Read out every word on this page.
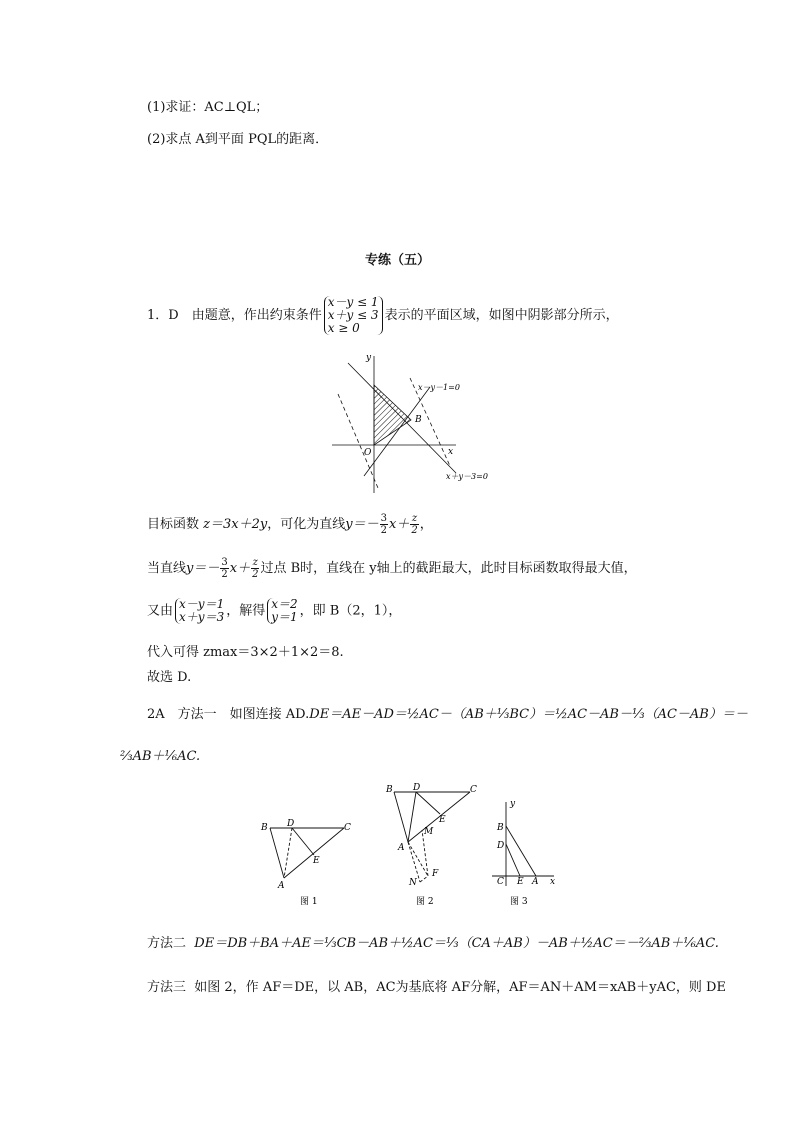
(1)求证：AC⊥QL；
(2)求点 A到平面 PQL的距离．
专练（五）
1．D　由题意，作出约束条件
x－y ≤ 1
x＋y ≤ 3
x ≥ 0
表示的平面区域，如图中阴影部分所示，
y
x
O
B
x－y－1=0
x＋y－3=0
目标函数 z＝3x＋2y，可化为直线$y=- \frac{3}{2} x+ \frac{z}{2}$ ，
当直线$y=- \frac{3}{2} x+ \frac{z}{2}$ 过点 B时，直线在 y轴上的截距最大，此时目标函数取得最大值，
又由 x－y＝1
x＋y＝3 ，解得 x＝2
y＝1 ，即 B（2，1），
代入可得 zmax＝3×2＋1×2＝8.
故选 D.
2A　方法一　如图连接 AD.DE＝AE－AD＝½AC－（AB＋⅓BC）＝½AC－AB－⅓（AC－AB）＝－
⅔AB＋⅙AC.
B D	C
E
A
图 1
B D	C
E
M
A
F
N
图 2
y
B
D
C E A x
图 3
方法二 DE＝DB＋BA＋AE＝⅓CB－AB＋½AC＝⅓（CA＋AB）－AB＋½AC＝－⅔AB＋⅙AC.
方法三 如图 2，作 AF＝DE，以 AB，AC为基底将 AF分解，AF＝AN＋AM＝xAB＋yAC，则 DE
